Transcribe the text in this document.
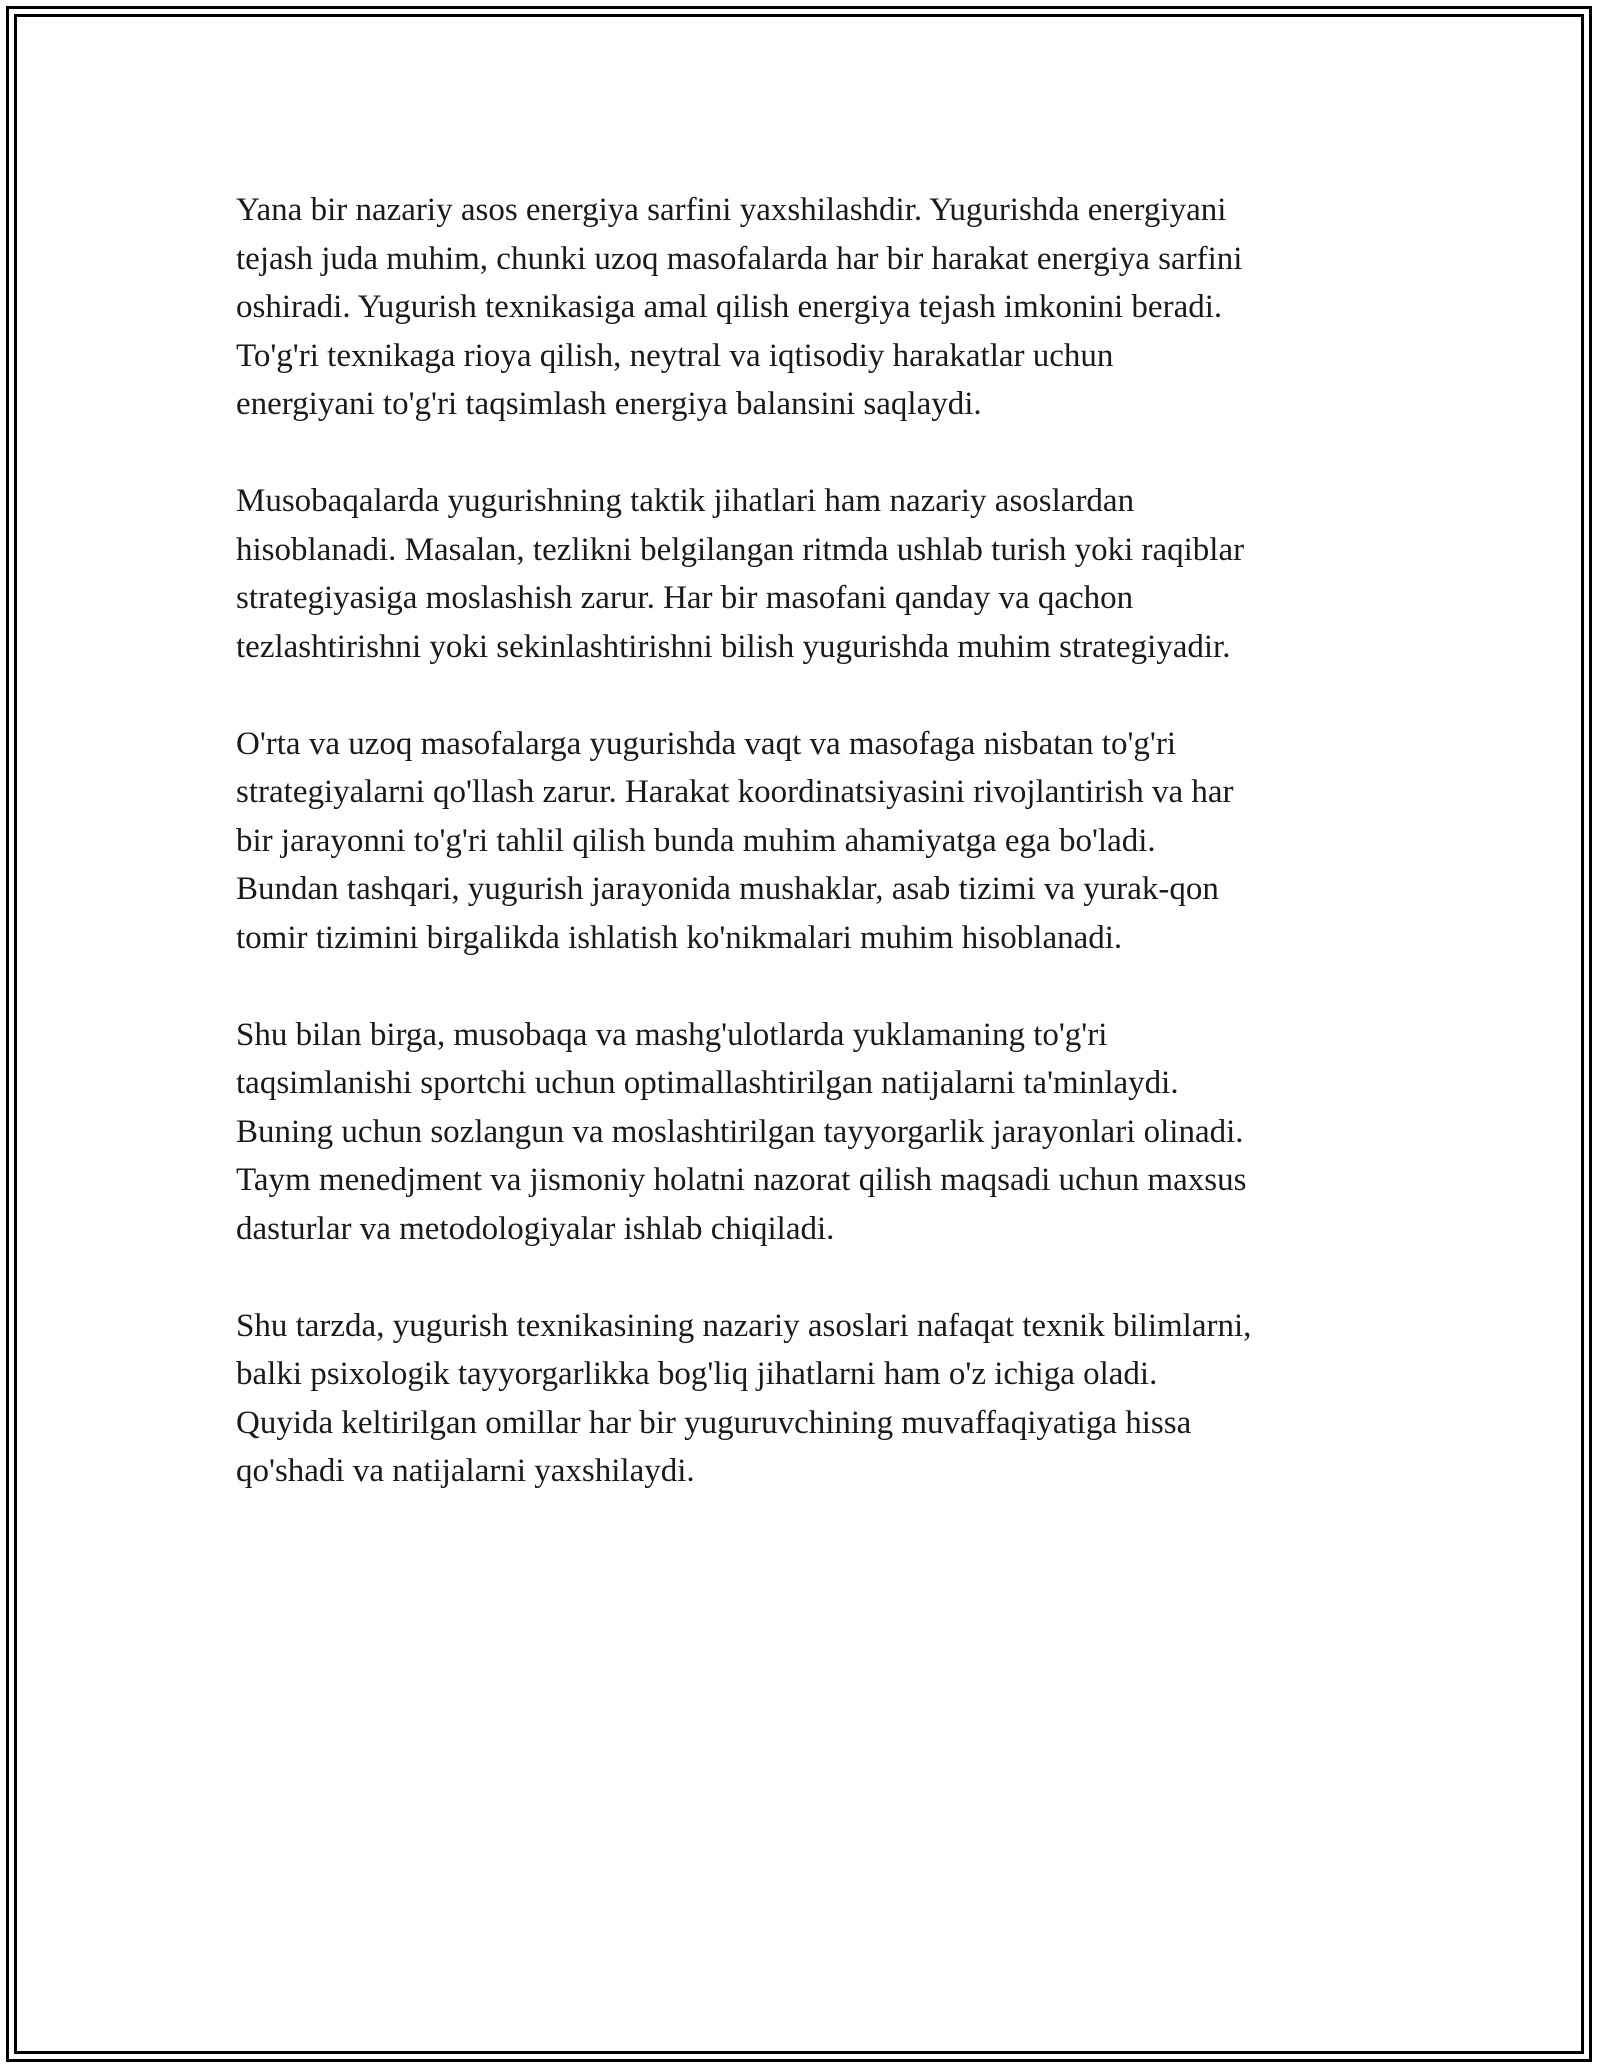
Yana bir nazariy asos energiya sarfini yaxshilashdir. Yugurishda energiyani
tejash juda muhim, chunki uzoq masofalarda har bir harakat energiya sarfini
oshiradi. Yugurish texnikasiga amal qilish energiya tejash imkonini beradi.
To'g'ri texnikaga rioya qilish, neytral va iqtisodiy harakatlar uchun
energiyani to'g'ri taqsimlash energiya balansini saqlaydi.

Musobaqalarda yugurishning taktik jihatlari ham nazariy asoslardan
hisoblanadi. Masalan, tezlikni belgilangan ritmda ushlab turish yoki raqiblar
strategiyasiga moslashish zarur. Har bir masofani qanday va qachon
tezlashtirishni yoki sekinlashtirishni bilish yugurishda muhim strategiyadir.

O'rta va uzoq masofalarga yugurishda vaqt va masofaga nisbatan to'g'ri
strategiyalarni qo'llash zarur. Harakat koordinatsiyasini rivojlantirish va har
bir jarayonni to'g'ri tahlil qilish bunda muhim ahamiyatga ega bo'ladi.
Bundan tashqari, yugurish jarayonida mushaklar, asab tizimi va yurak-qon
tomir tizimini birgalikda ishlatish ko'nikmalari muhim hisoblanadi.

Shu bilan birga, musobaqa va mashg'ulotlarda yuklamaning to'g'ri
taqsimlanishi sportchi uchun optimallashtirilgan natijalarni ta'minlaydi.
Buning uchun sozlangun va moslashtirilgan tayyorgarlik jarayonlari olinadi.
Taym menedjment va jismoniy holatni nazorat qilish maqsadi uchun maxsus
dasturlar va metodologiyalar ishlab chiqiladi.

Shu tarzda, yugurish texnikasining nazariy asoslari nafaqat texnik bilimlarni,
balki psixologik tayyorgarlikka bog'liq jihatlarni ham o'z ichiga oladi.
Quyida keltirilgan omillar har bir yuguruvchining muvaffaqiyatiga hissa
qo'shadi va natijalarni yaxshilaydi.
